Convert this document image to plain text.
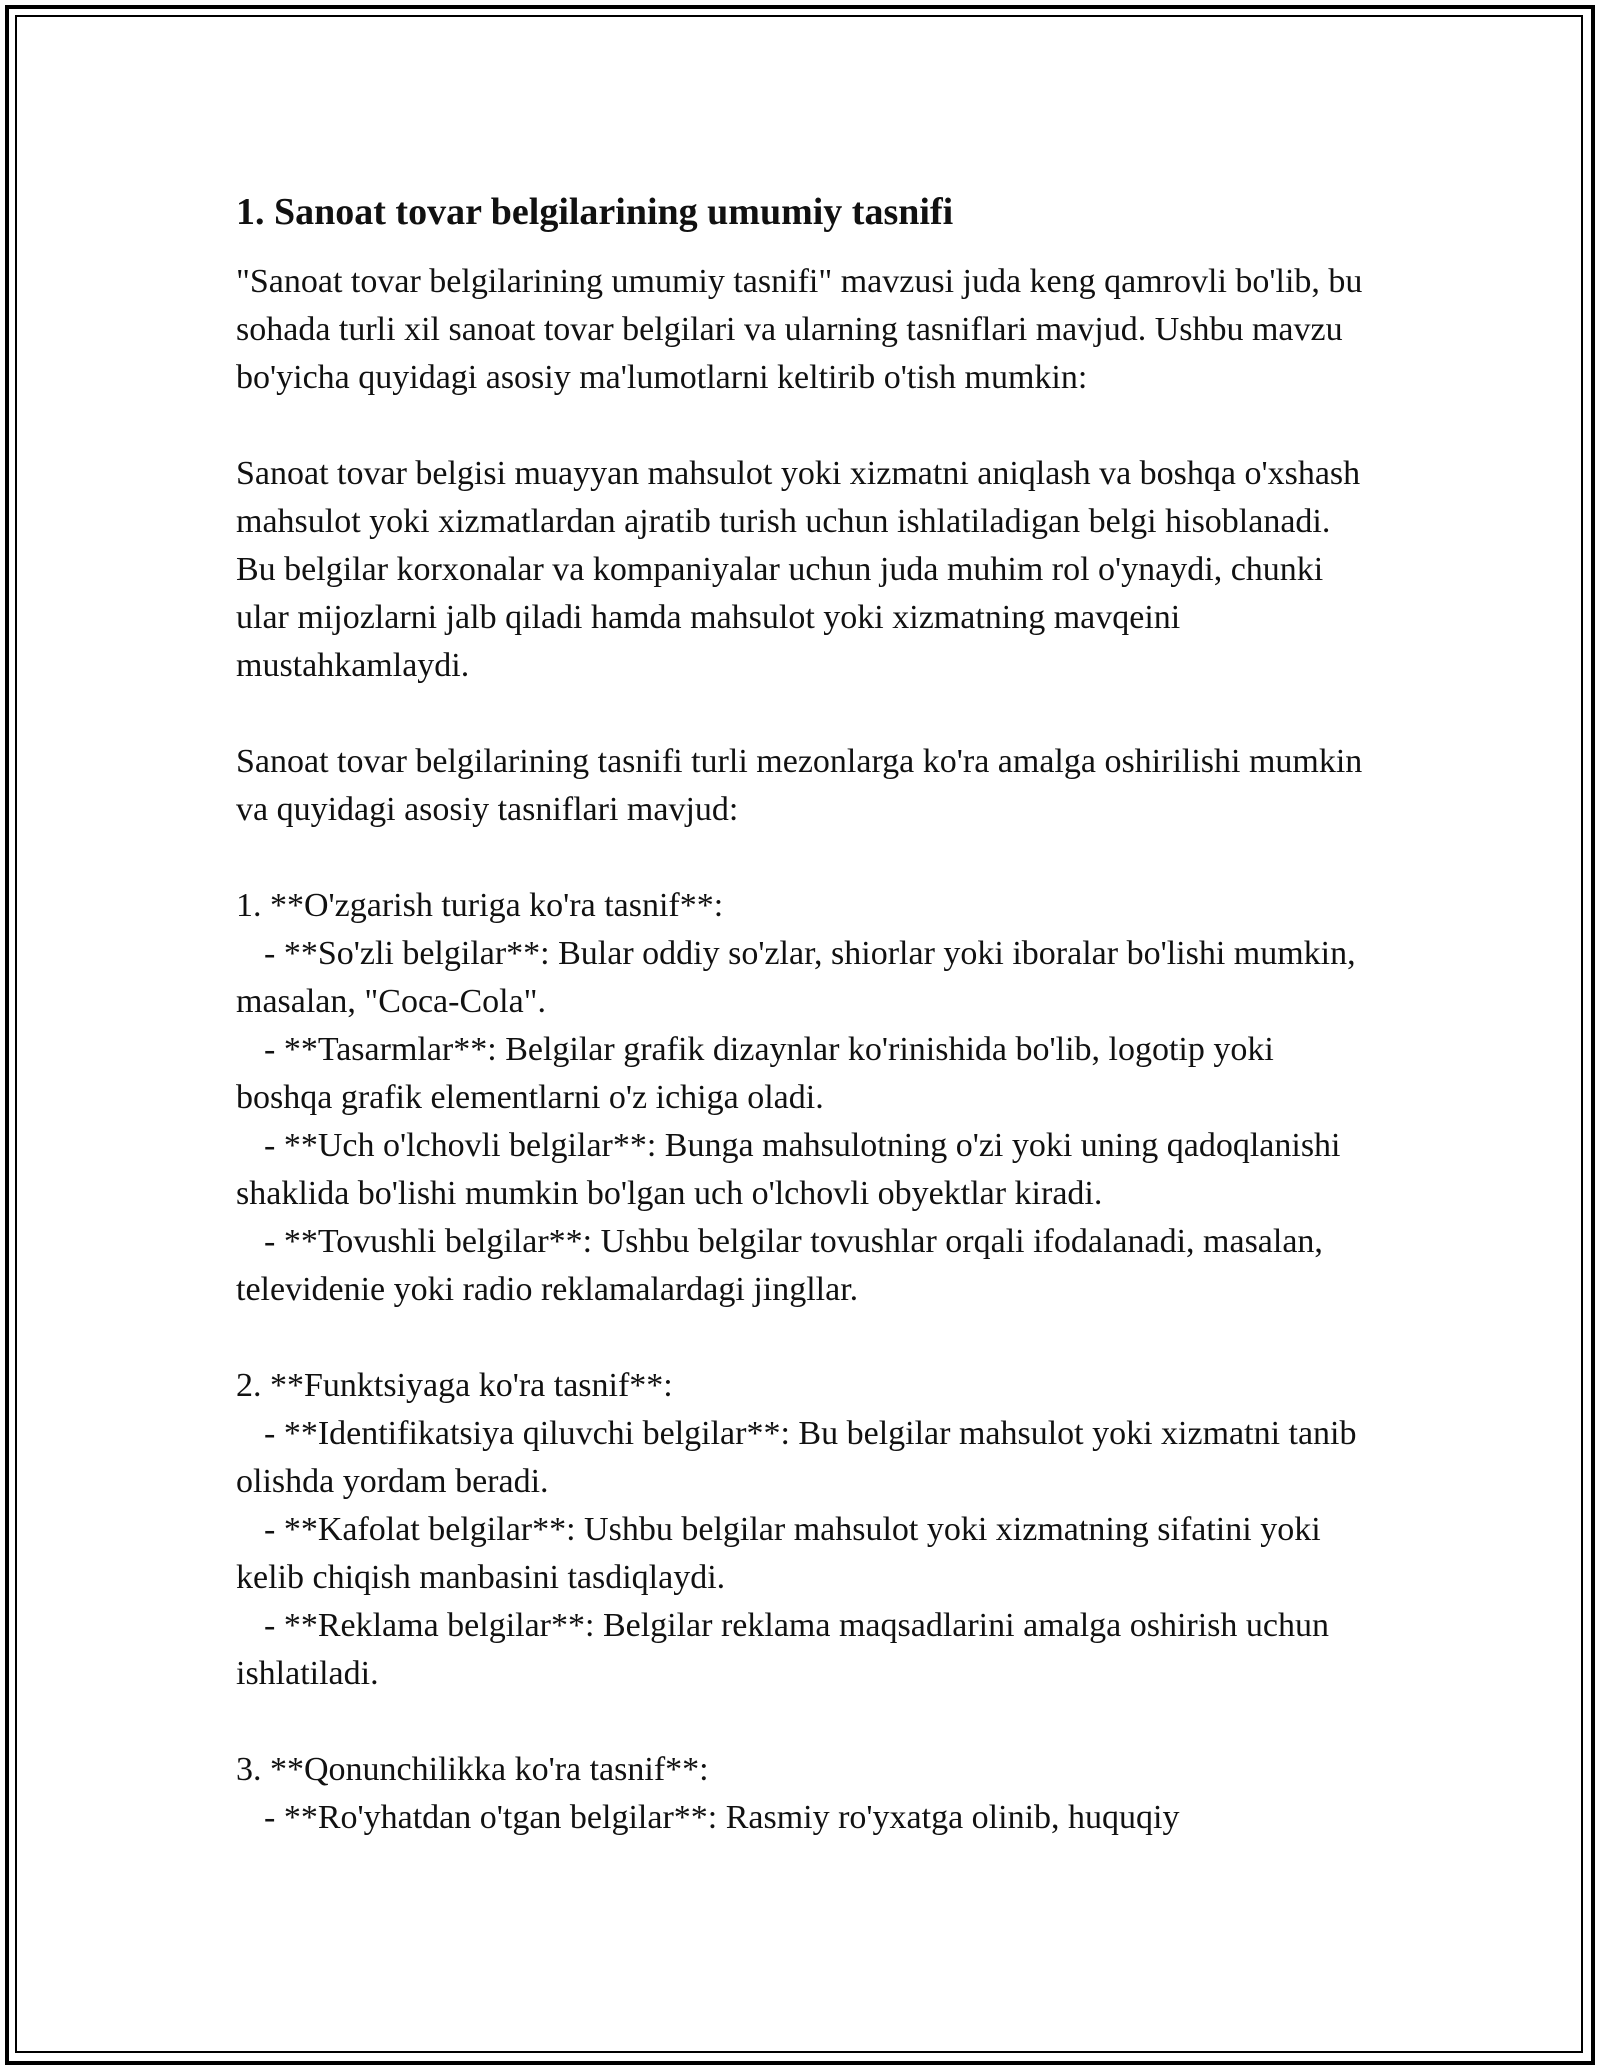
1. Sanoat tovar belgilarining umumiy tasnifi

"Sanoat tovar belgilarining umumiy tasnifi" mavzusi juda keng qamrovli bo'lib, bu sohada turli xil sanoat tovar belgilari va ularning tasniflari mavjud. Ushbu mavzu bo'yicha quyidagi asosiy ma'lumotlarni keltirib o'tish mumkin:

Sanoat tovar belgisi muayyan mahsulot yoki xizmatni aniqlash va boshqa o'xshash mahsulot yoki xizmatlardan ajratib turish uchun ishlatiladigan belgi hisoblanadi. Bu belgilar korxonalar va kompaniyalar uchun juda muhim rol o'ynaydi, chunki ular mijozlarni jalb qiladi hamda mahsulot yoki xizmatning mavqeini mustahkamlaydi.

Sanoat tovar belgilarining tasnifi turli mezonlarga ko'ra amalga oshirilishi mumkin va quyidagi asosiy tasniflari mavjud:

1. **O'zgarish turiga ko'ra tasnif**:

- **So'zli belgilar**: Bular oddiy so'zlar, shiorlar yoki iboralar bo'lishi mumkin, masalan, "Coca-Cola".

- **Tasarmlar**: Belgilar grafik dizaynlar ko'rinishida bo'lib, logotip yoki boshqa grafik elementlarni o'z ichiga oladi.

- **Uch o'lchovli belgilar**: Bunga mahsulotning o'zi yoki uning qadoqlanishi shaklida bo'lishi mumkin bo'lgan uch o'lchovli obyektlar kiradi.

- **Tovushli belgilar**: Ushbu belgilar tovushlar orqali ifodalanadi, masalan, televidenie yoki radio reklamalardagi jingllar.

2. **Funktsiyaga ko'ra tasnif**:

- **Identifikatsiya qiluvchi belgilar**: Bu belgilar mahsulot yoki xizmatni tanib olishda yordam beradi.

- **Kafolat belgilar**: Ushbu belgilar mahsulot yoki xizmatning sifatini yoki kelib chiqish manbasini tasdiqlaydi.

- **Reklama belgilar**: Belgilar reklama maqsadlarini amalga oshirish uchun ishlatiladi.

3. **Qonunchilikka ko'ra tasnif**:

- **Ro'yhatdan o'tgan belgilar**: Rasmiy ro'yxatga olinib, huquqiy
